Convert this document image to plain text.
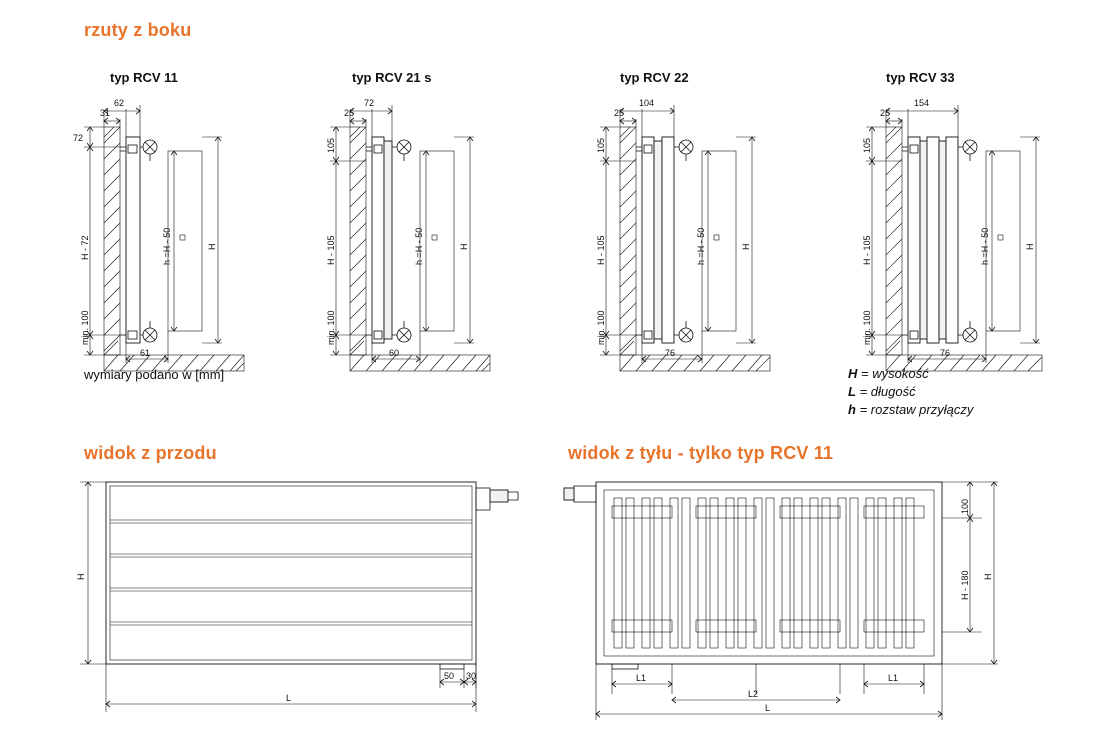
rzuty z boku
typ RCV 11	typ RCV 21 s	typ RCV 22	typ RCV 33
h =H - 50	H
31
62
72
H - 72
min. 100
61
h =H - 50	H
25
72
105
H - 105
min. 100
60
h =H - 50	H
25
104
105
H - 105
min. 100
76
h =H - 50	H
25
154
105
H - 105
min. 100
76
wymiary podano w [mm]	H = wysokość
L = długość
h = rozstaw przyłączy
widok z przodu
H
L
50 30
widok z tyłu - tylko typ RCV 11
100
H - 180 H
L1
L2
L1
L
